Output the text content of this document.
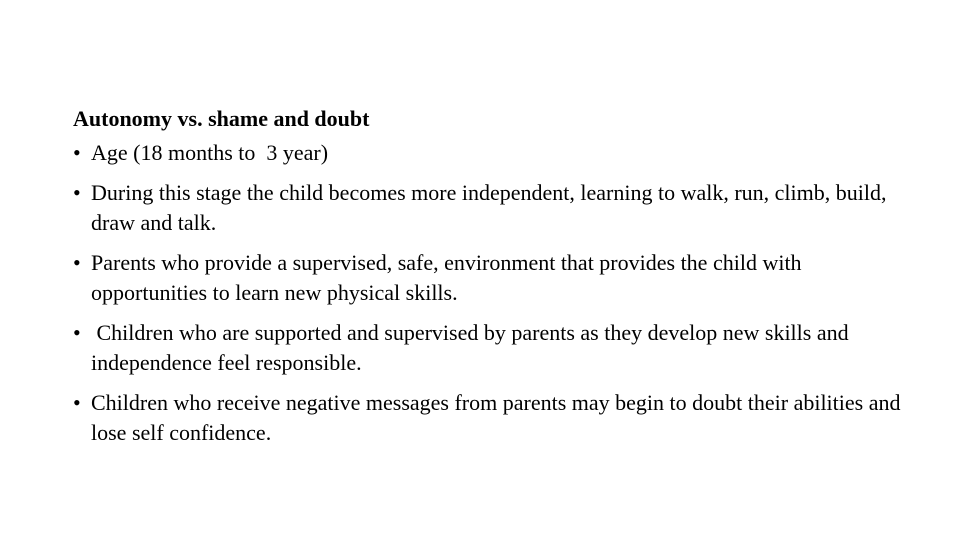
Autonomy vs. shame and doubt
• Age (18 months to  3 year)
• During this stage the child becomes more independent, learning to walk, run, climb, build, draw and talk.
• Parents who provide a supervised, safe, environment that provides the child with opportunities to learn new physical skills.
• Children who are supported and supervised by parents as they develop new skills and independence feel responsible.
• Children who receive negative messages from parents may begin to doubt their abilities and lose self confidence.
